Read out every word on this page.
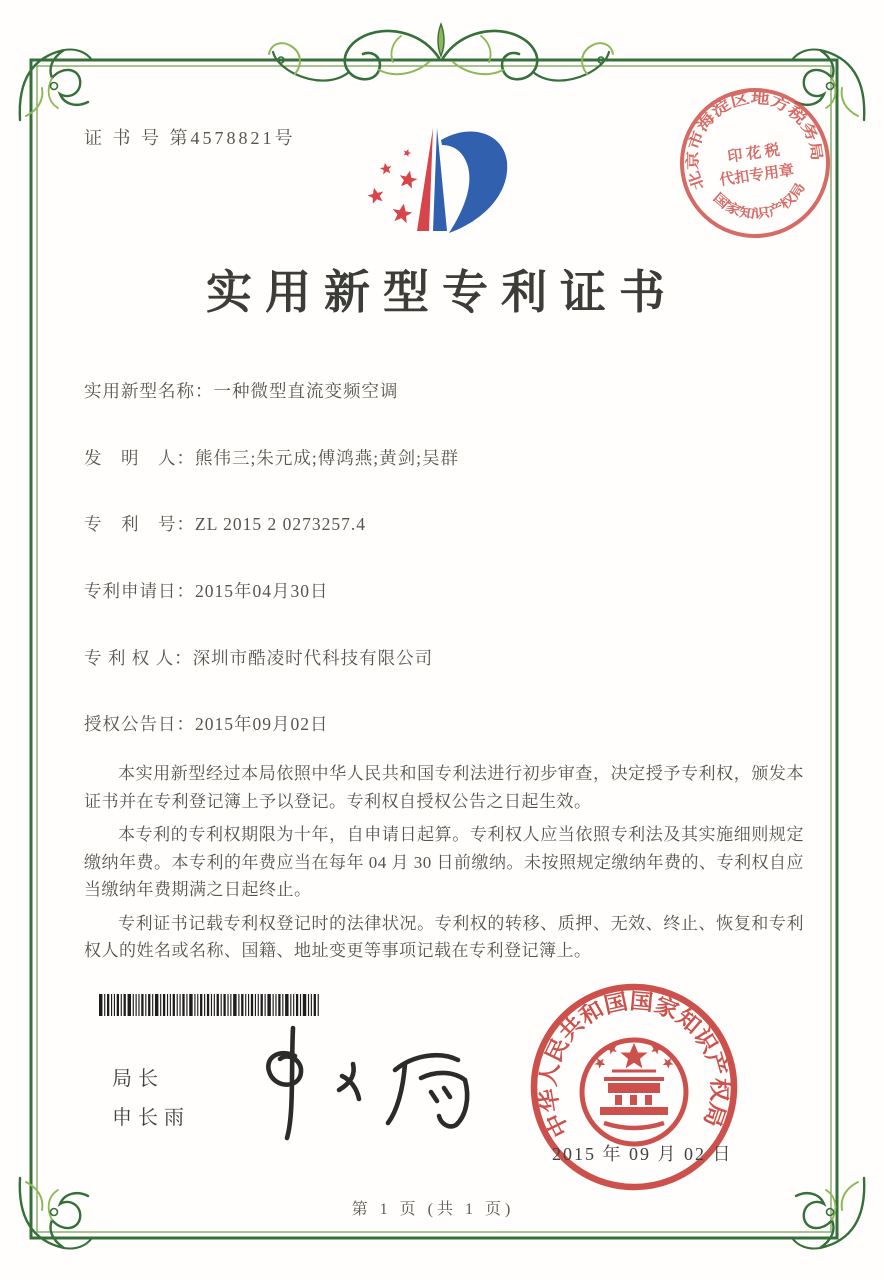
证 书 号 第4578821号
北京市海淀区地方税务局
国家知识产权局
印 花 税
代扣专用章
实用新型专利证书
实用新型名称：一种微型直流变频空调
发　明　人：熊伟三;朱元成;傅鸿燕;黄剑;吴群
专　利　号：ZL 2015 2 0273257.4
专利申请日：2015年04月30日
专 利 权 人：深圳市酷凌时代科技有限公司
授权公告日：2015年09月02日

本实用新型经过本局依照中华人民共和国专利法进行初步审查，决定授予专利权，颁发本证书并在专利登记簿上予以登记。专利权自授权公告之日起生效。

本专利的专利权期限为十年，自申请日起算。专利权人应当依照专利法及其实施细则规定缴纳年费。本专利的年费应当在每年 04 月 30 日前缴纳。未按照规定缴纳年费的、专利权自应当缴纳年费期满之日起终止。

专利证书记载专利权登记时的法律状况。专利权的转移、质押、无效、终止、恢复和专利权人的姓名或名称、国籍、地址变更等事项记载在专利登记簿上。

局长
申长雨	中华人民共和国国家知识产权局
2015 年 09 月 02 日
第 1 页 (共 1 页)
